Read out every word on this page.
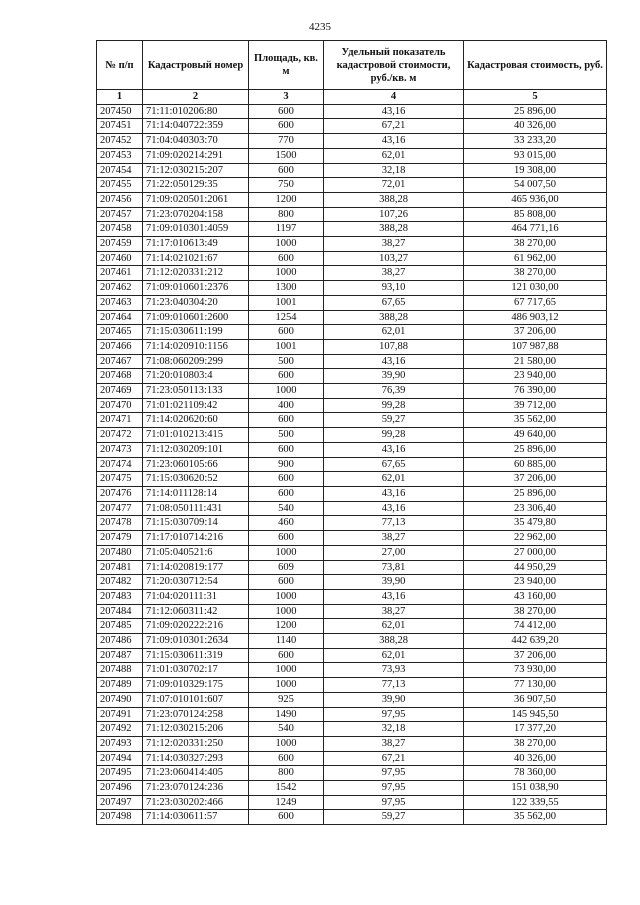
4235
№ п/п	Кадастровый номер	Площадь, кв. м	Удельный показатель кадастровой стоимости, руб./кв. м	Кадастровая стоимость, руб.
1	2	3	4	5
207450	71:11:010206:80	600	43,16	25 896,00
207451	71:14:040722:359	600	67,21	40 326,00
207452	71:04:040303:70	770	43,16	33 233,20
207453	71:09:020214:291	1500	62,01	93 015,00
207454	71:12:030215:207	600	32,18	19 308,00
207455	71:22:050129:35	750	72,01	54 007,50
207456	71:09:020501:2061	1200	388,28	465 936,00
207457	71:23:070204:158	800	107,26	85 808,00
207458	71:09:010301:4059	1197	388,28	464 771,16
207459	71:17:010613:49	1000	38,27	38 270,00
207460	71:14:021021:67	600	103,27	61 962,00
207461	71:12:020331:212	1000	38,27	38 270,00
207462	71:09:010601:2376	1300	93,10	121 030,00
207463	71:23:040304:20	1001	67,65	67 717,65
207464	71:09:010601:2600	1254	388,28	486 903,12
207465	71:15:030611:199	600	62,01	37 206,00
207466	71:14:020910:1156	1001	107,88	107 987,88
207467	71:08:060209:299	500	43,16	21 580,00
207468	71:20:010803:4	600	39,90	23 940,00
207469	71:23:050113:133	1000	76,39	76 390,00
207470	71:01:021109:42	400	99,28	39 712,00
207471	71:14:020620:60	600	59,27	35 562,00
207472	71:01:010213:415	500	99,28	49 640,00
207473	71:12:030209:101	600	43,16	25 896,00
207474	71:23:060105:66	900	67,65	60 885,00
207475	71:15:030620:52	600	62,01	37 206,00
207476	71:14:011128:14	600	43,16	25 896,00
207477	71:08:050111:431	540	43,16	23 306,40
207478	71:15:030709:14	460	77,13	35 479,80
207479	71:17:010714:216	600	38,27	22 962,00
207480	71:05:040521:6	1000	27,00	27 000,00
207481	71:14:020819:177	609	73,81	44 950,29
207482	71:20:030712:54	600	39,90	23 940,00
207483	71:04:020111:31	1000	43,16	43 160,00
207484	71:12:060311:42	1000	38,27	38 270,00
207485	71:09:020222:216	1200	62,01	74 412,00
207486	71:09:010301:2634	1140	388,28	442 639,20
207487	71:15:030611:319	600	62,01	37 206,00
207488	71:01:030702:17	1000	73,93	73 930,00
207489	71:09:010329:175	1000	77,13	77 130,00
207490	71:07:010101:607	925	39,90	36 907,50
207491	71:23:070124:258	1490	97,95	145 945,50
207492	71:12:030215:206	540	32,18	17 377,20
207493	71:12:020331:250	1000	38,27	38 270,00
207494	71:14:030327:293	600	67,21	40 326,00
207495	71:23:060414:405	800	97,95	78 360,00
207496	71:23:070124:236	1542	97,95	151 038,90
207497	71:23:030202:466	1249	97,95	122 339,55
207498	71:14:030611:57	600	59,27	35 562,00
